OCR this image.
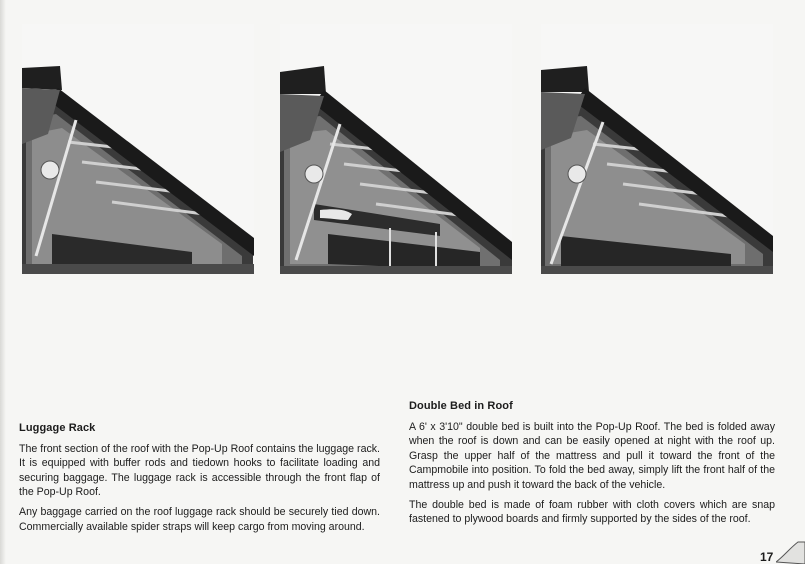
Luggage Rack

The front section of the roof with the Pop-Up Roof contains the luggage rack. It is equipped with buffer rods and tiedown hooks to facilitate loading and securing baggage. The luggage rack is accessible through the front flap of the Pop-Up Roof.

Any baggage carried on the roof luggage rack should be securely tied down. Commercially available spider straps will keep cargo from moving around.

Double Bed in Roof

A 6' x 3'10" double bed is built into the Pop-Up Roof. The bed is folded away when the roof is down and can be easily opened at night with the roof up. Grasp the upper half of the mattress and pull it toward the front of the Campmobile into position. To fold the bed away, simply lift the front half of the mattress up and push it toward the back of the vehicle.

The double bed is made of foam rubber with cloth covers which are snap fastened to plywood boards and firmly supported by the sides of the roof.

17
